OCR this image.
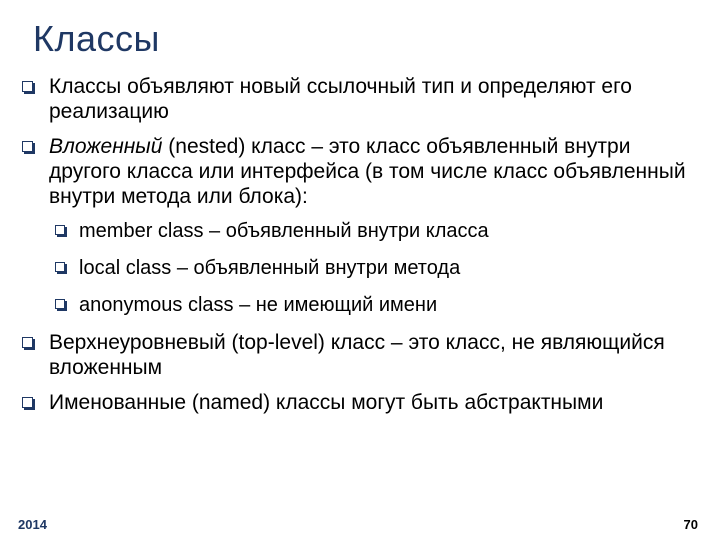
Классы
Классы объявляют новый ссылочный тип и определяют его реализацию
Вложенный (nested) класс – это класс объявленный внутри другого класса или интерфейса (в том числе класс объявленный внутри метода или блока):
member class – объявленный внутри класса
local class – объявленный внутри метода
anonymous class – не имеющий имени
Верхнеуровневый (top-level) класс – это класс, не являющийся вложенным
Именованные (named) классы могут быть абстрактными
2014	70
